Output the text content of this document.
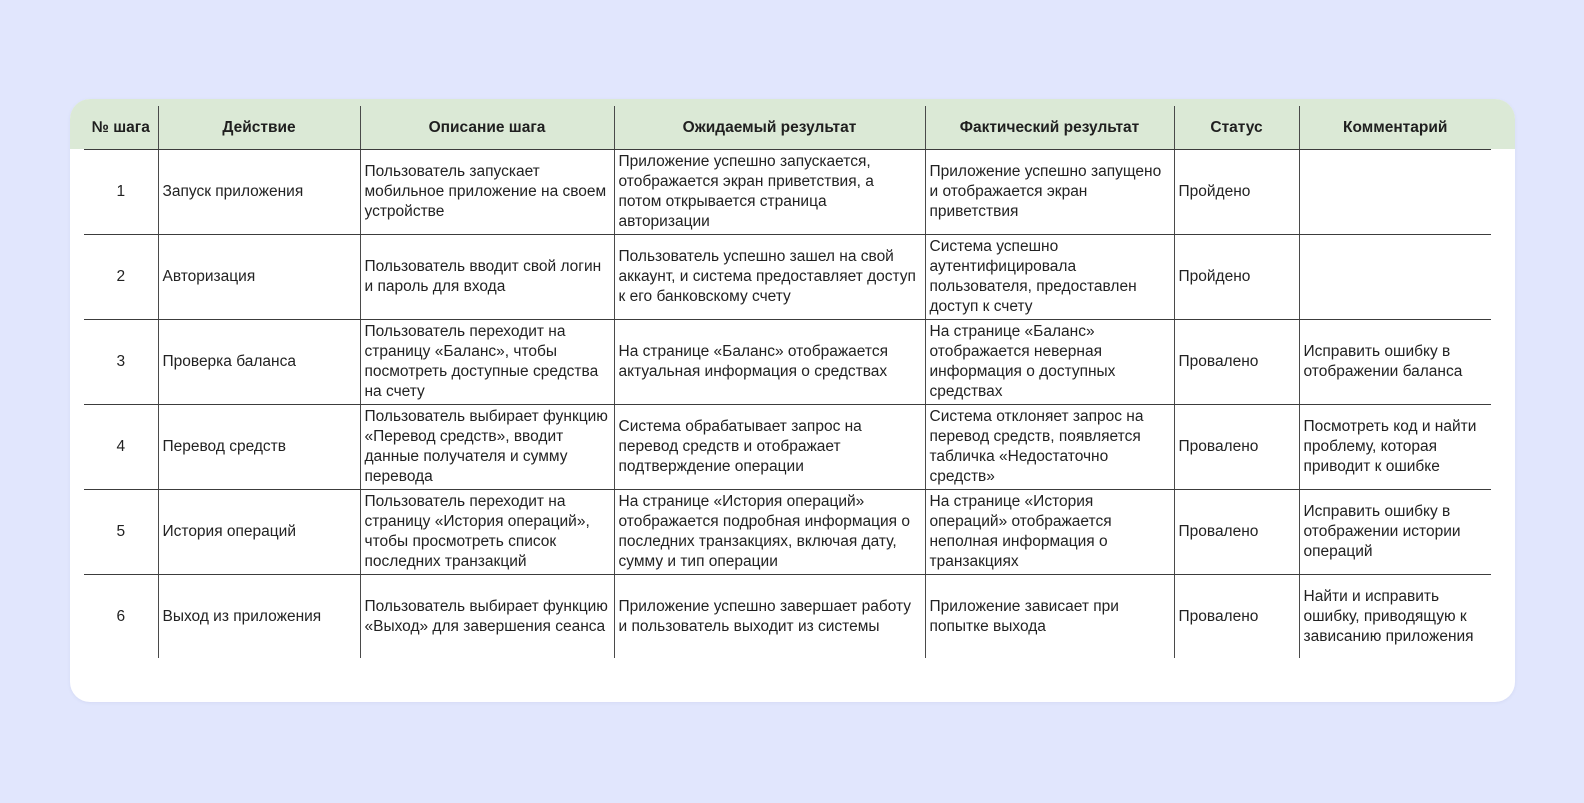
№ шага	Действие	Описание шага	Ожидаемый результат	Фактический результат	Статус	Комментарий
1	Запуск приложения	Пользователь запускает мобильное приложение на своем устройстве	Приложение успешно запускается, отображается экран приветствия, а потом открывается страница авторизации	Приложение успешно запущено и отображается экран приветствия	Пройдено	
2	Авторизация	Пользователь вводит свой логин и пароль для входа	Пользователь успешно зашел на свой аккаунт, и система предоставляет доступ к его банковскому счету	Система успешно аутентифицировала пользователя, предоставлен доступ к счету	Пройдено	
3	Проверка баланса	Пользователь переходит на страницу «Баланс», чтобы посмотреть доступные средства на счету	На странице «Баланс» отображается актуальная информация о средствах	На странице «Баланс» отображается неверная информация о доступных средствах	Провалено	Исправить ошибку в отображении баланса
4	Перевод средств	Пользователь выбирает функцию «Перевод средств», вводит данные получателя и сумму перевода	Система обрабатывает запрос на перевод средств и отображает подтверждение операции	Система отклоняет запрос на перевод средств, появляется табличка «Недостаточно средств»	Провалено	Посмотреть код и найти проблему, которая приводит к ошибке
5	История операций	Пользователь переходит на страницу «История операций», чтобы просмотреть список последних транзакций	На странице «История операций» отображается подробная информация о последних транзакциях, включая дату, сумму и тип операции	На странице «История операций» отображается неполная информация о транзакциях	Провалено	Исправить ошибку в отображении истории операций
6	Выход из приложения	Пользователь выбирает функцию «Выход» для завершения сеанса	Приложение успешно завершает работу и пользователь выходит из системы	Приложение зависает при попытке выхода	Провалено	Найти и исправить ошибку, приводящую к зависанию приложения
